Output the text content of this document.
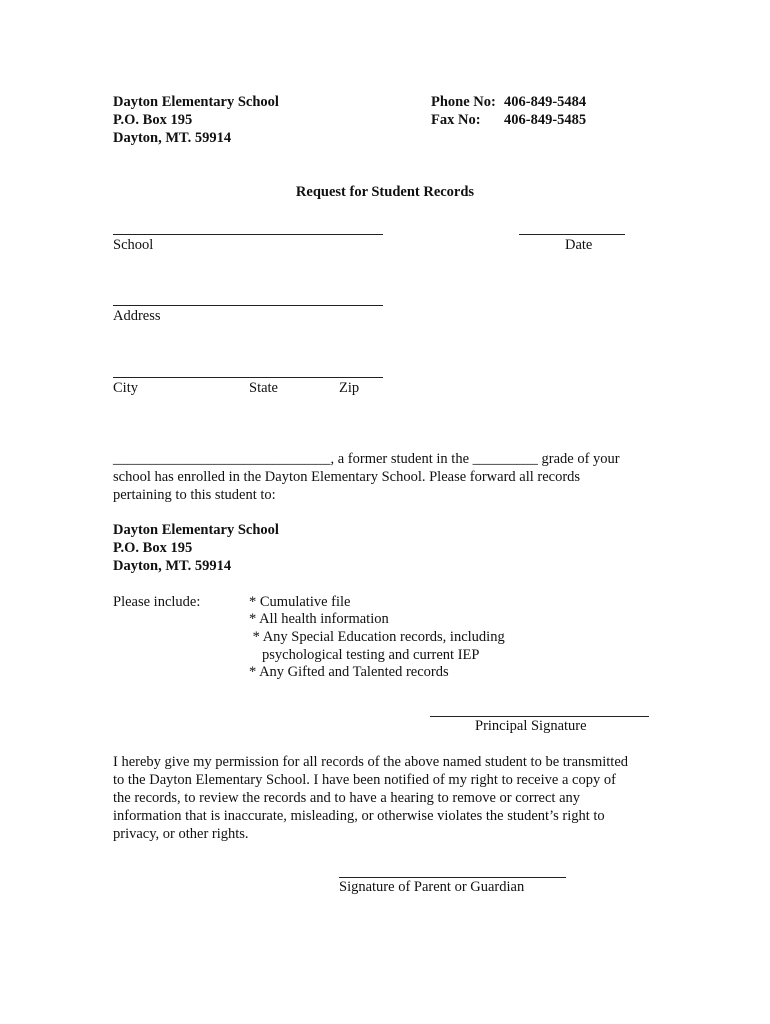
Dayton Elementary School
P.O. Box 195
Dayton, MT. 59914
Phone No: 406-849-5484
Fax No: 406-849-5485
Request for Student Records
School	Date
Address
City	State	Zip
______________________________, a former student in the _________ grade of your
school has enrolled in the Dayton Elementary School. Please forward all records
pertaining to this student to:
Dayton Elementary School
P.O. Box 195
Dayton, MT. 59914
Please include:	* Cumulative file
* All health information
* Any Special Education records, including
psychological testing and current IEP
* Any Gifted and Talented records
Principal Signature
I hereby give my permission for all records of the above named student to be transmitted
to the Dayton Elementary School. I have been notified of my right to receive a copy of
the records, to review the records and to have a hearing to remove or correct any
information that is inaccurate, misleading, or otherwise violates the student’s right to
privacy, or other rights.
Signature of Parent or Guardian
